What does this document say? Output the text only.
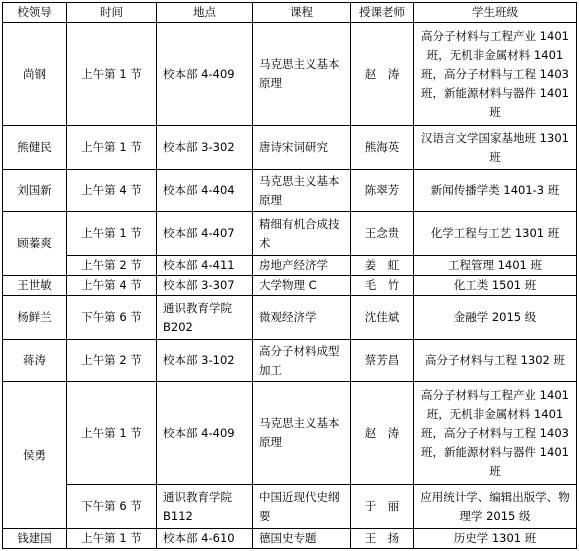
校领导	时间	地点	课程	授课老师	学生班级
尚钢	上午第 1 节	校本部 4-409	马克思主义基本原理	赵　涛	高分子材料与工程产业 1401 班，无机非金属材料 1401 班，高分子材料与工程 1403 班，新能源材料与器件 1401 班
熊健民	上午第 1 节	校本部 3-302	唐诗宋词研究	熊海英	汉语言文学国家基地班 1301 班
刘国新	上午第 4 节	校本部 4-404	马克思主义基本原理	陈翠芳	新闻传播学类 1401-3 班
顾蓁爽	上午第 1 节	校本部 4-407	精细有机合成技术	王念贵	化学工程与工艺 1301 班
	上午第 2 节	校本部 4-411	房地产经济学	姜　虹	工程管理 1401 班
王世敏	上午第 4 节	校本部 3-307	大学物理 C	毛　竹	化工类 1501 班
杨鲜兰	下午第 6 节	通识教育学院 B202	微观经济学	沈佳斌	金融学 2015 级
蒋涛	上午第 2 节	校本部 3-102	高分子材料成型加工	蔡芳昌	高分子材料与工程 1302 班
侯勇	上午第 1 节	校本部 4-409	马克思主义基本原理	赵　涛	高分子材料与工程产业 1401 班，无机非金属材料 1401 班，高分子材料与工程 1403 班，新能源材料与器件 1401 班
	下午第 6 节	通识教育学院 B112	中国近现代史纲要	于　丽	应用统计学、编辑出版学、物理学 2015 级
钱建国	上午第 1 节	校本部 4-610	德国史专题	王　扬	历史学 1301 班
